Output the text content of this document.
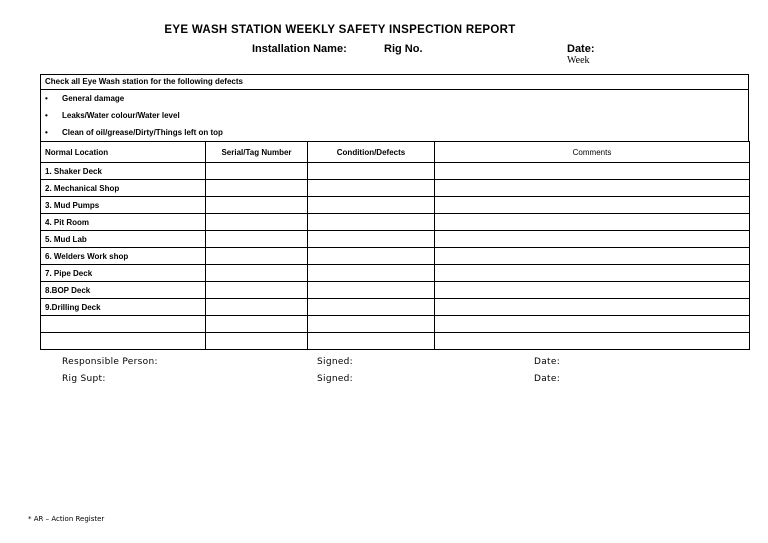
EYE WASH STATION WEEKLY SAFETY INSPECTION REPORT
Installation Name:	Rig No.	Date:
Week
Check all Eye Wash station for the following defects
• General damage
• Leaks/Water colour/Water level
• Clean of oil/grease/Dirty/Things left on top
Normal Location	Serial/Tag Number	Condition/Defects	Comments
1. Shaker Deck			
2. Mechanical Shop			
3. Mud Pumps			
4. Pit Room			
5. Mud Lab			
6. Welders Work shop			
7. Pipe Deck			
8.BOP Deck			
9.Drilling Deck			

Responsible Person:	Signed:	Date:
Rig Supt:	Signed:	Date:
* AR – Action Register
